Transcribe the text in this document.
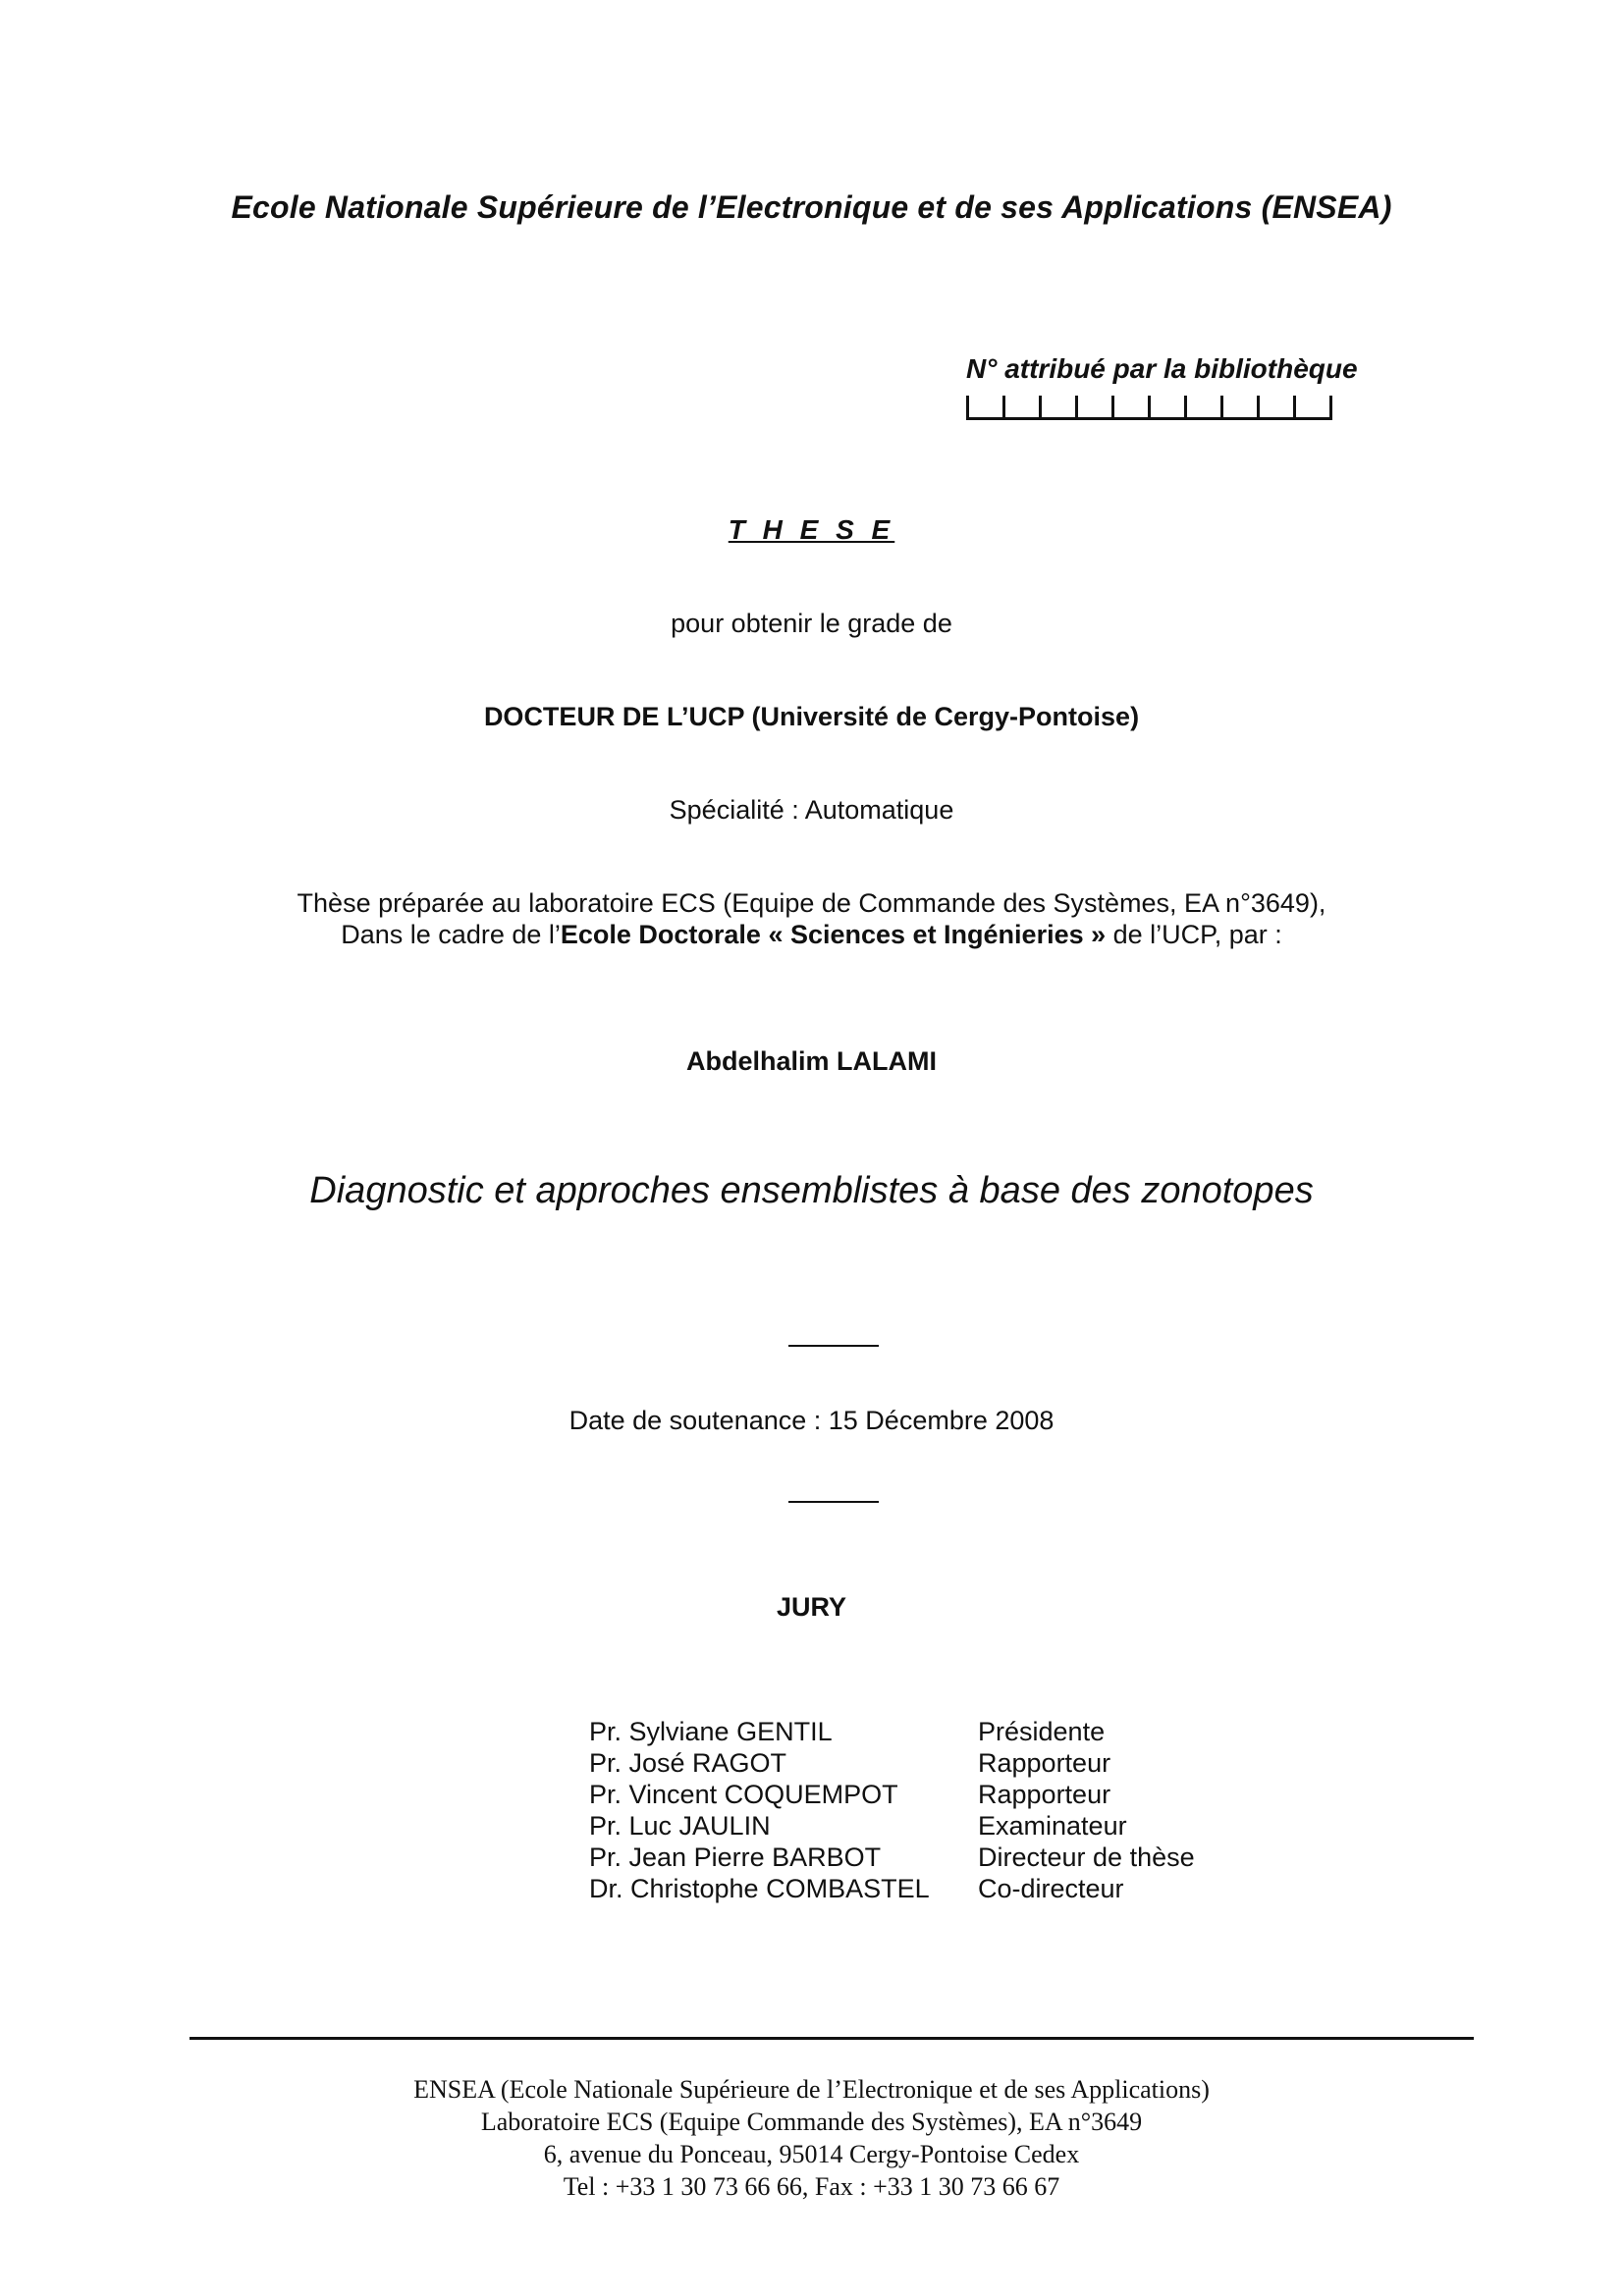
Ecole Nationale Supérieure de l’Electronique et de ses Applications (ENSEA)
N° attribué par la bibliothèque
T H E S E
pour obtenir le grade de
DOCTEUR DE L’UCP (Université de Cergy-Pontoise)
Spécialité : Automatique
Thèse préparée au laboratoire ECS (Equipe de Commande des Systèmes, EA n°3649),
Dans le cadre de l’Ecole Doctorale « Sciences et Ingénieries » de l’UCP, par :
Abdelhalim LALAMI
Diagnostic et approches ensemblistes à base des zonotopes
Date de soutenance : 15 Décembre 2008
JURY
Pr. Sylviane GENTIL	Présidente
Pr. José RAGOT	Rapporteur
Pr. Vincent COQUEMPOT	Rapporteur
Pr. Luc JAULIN	Examinateur
Pr. Jean Pierre BARBOT	Directeur de thèse
Dr. Christophe COMBASTEL	Co-directeur
ENSEA (Ecole Nationale Supérieure de l’Electronique et de ses Applications)
Laboratoire ECS (Equipe Commande des Systèmes), EA n°3649
6, avenue du Ponceau, 95014 Cergy-Pontoise Cedex
Tel : +33 1 30 73 66 66, Fax : +33 1 30 73 66 67
